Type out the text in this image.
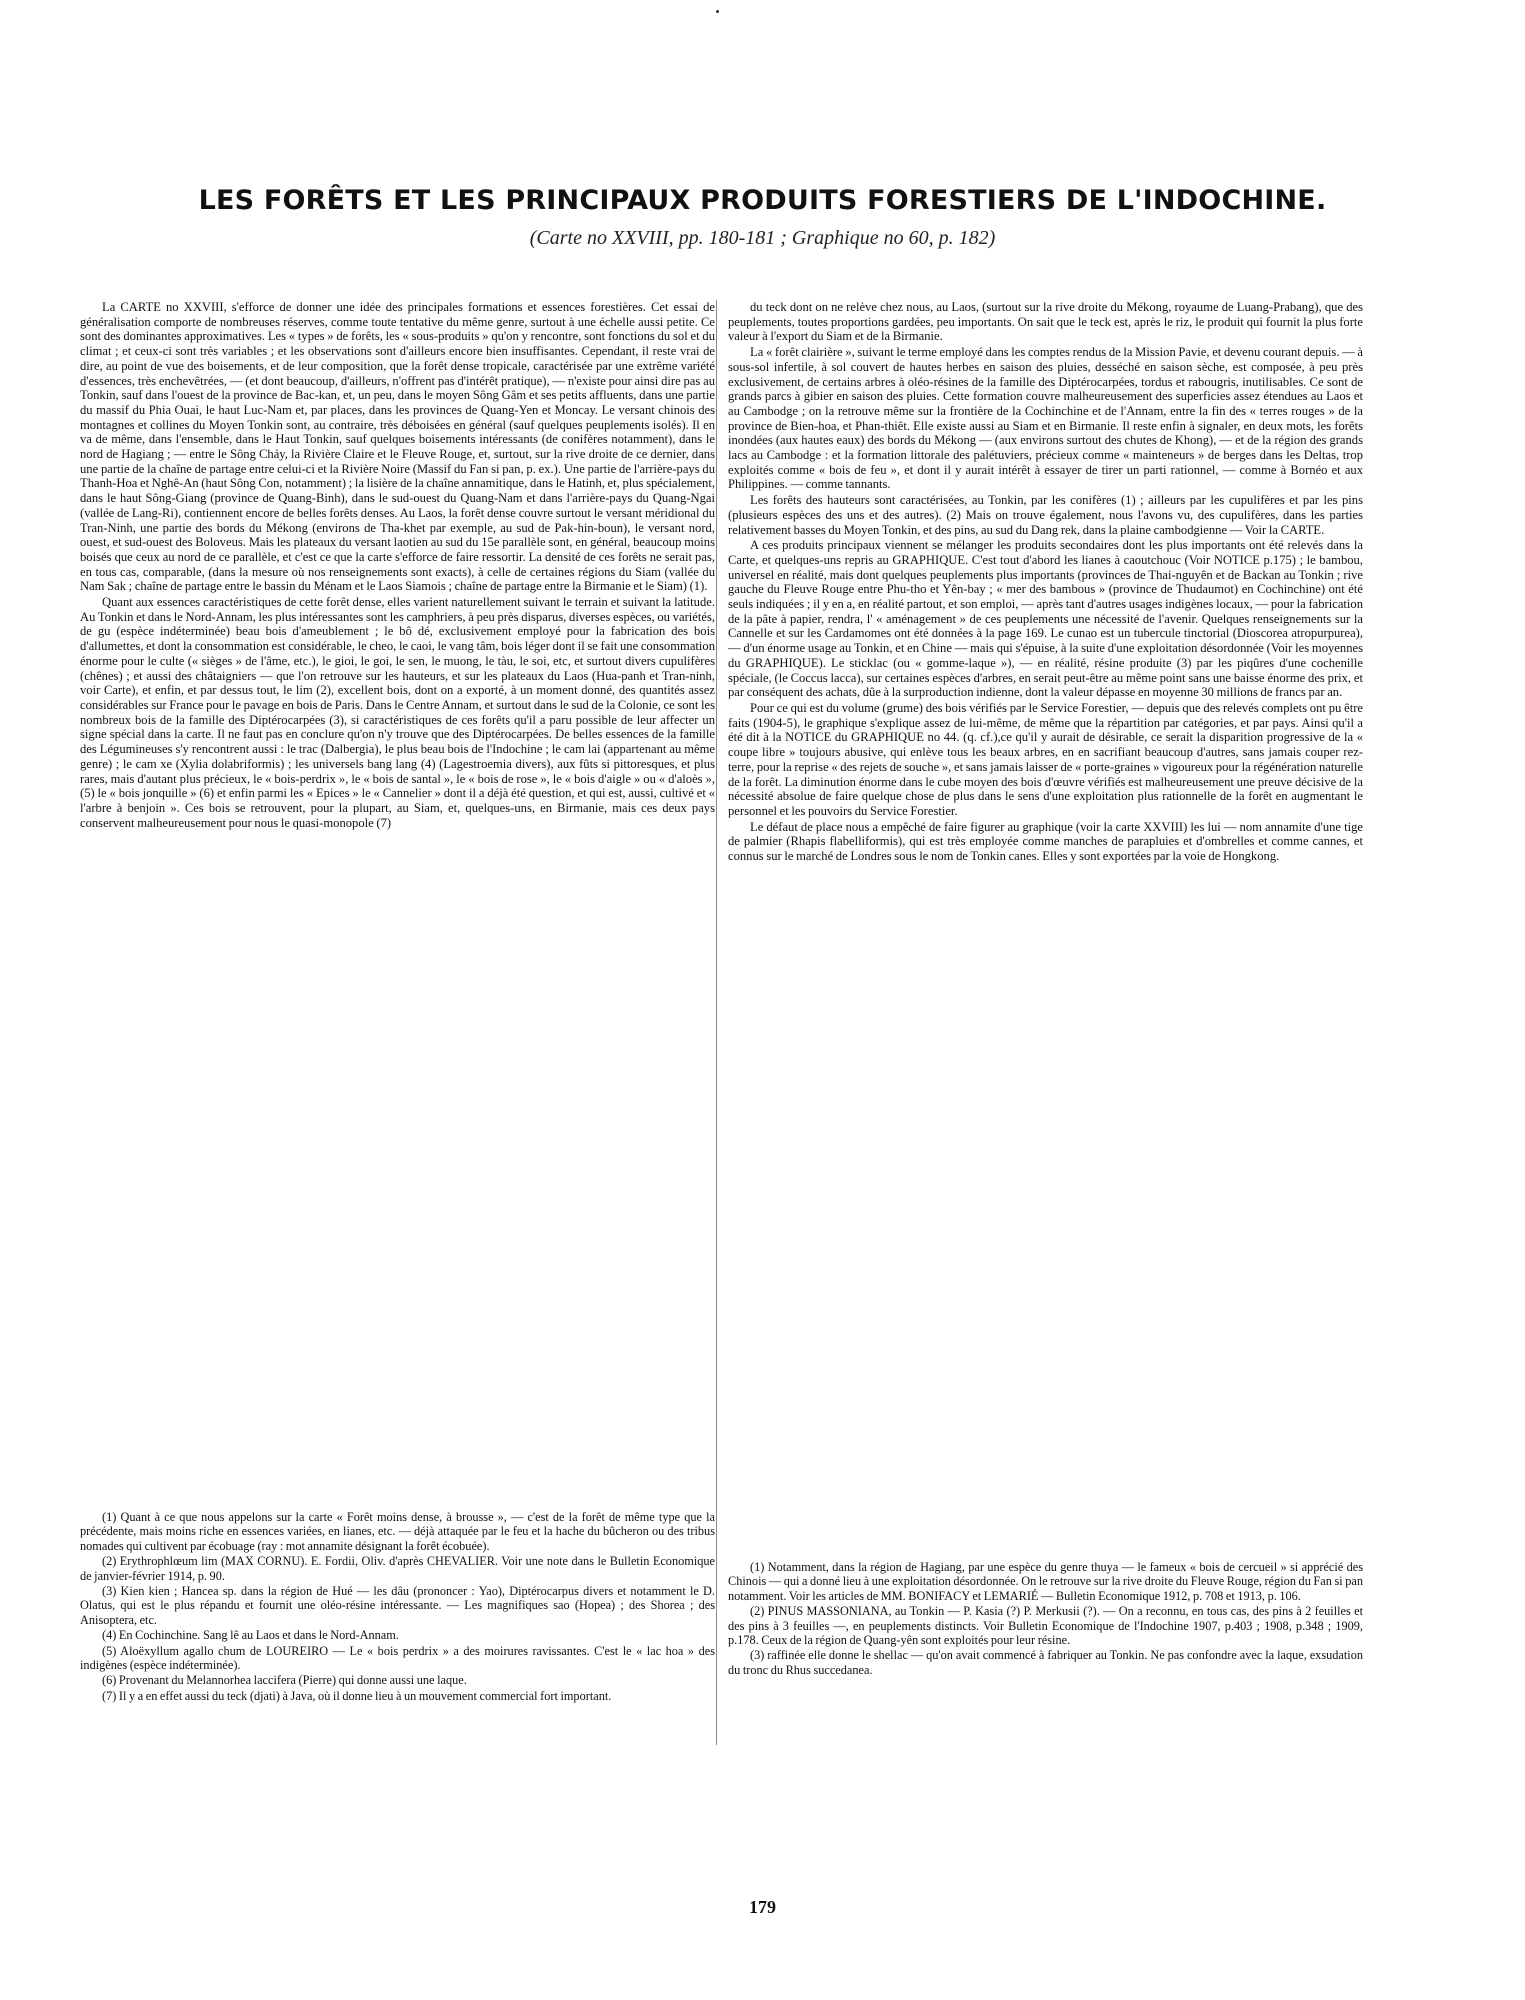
LES FORÊTS ET LES PRINCIPAUX PRODUITS FORESTIERS DE L'INDOCHINE.
(Carte no XXVIII, pp. 180-181 ; Graphique no 60, p. 182)

La CARTE no XXVIII, s'efforce de donner une idée des principales formations et essences forestières. Cet essai de généralisation comporte de nombreuses réserves, comme toute tentative du même genre, surtout à une échelle aussi petite. Ce sont des dominantes approximatives. Les « types » de forêts, les « sous-produits » qu'on y rencontre, sont fonctions du sol et du climat ; et ceux-ci sont très variables ; et les observations sont d'ailleurs encore bien insuffisantes. Cependant, il reste vrai de dire, au point de vue des boisements, et de leur composition, que la forêt dense tropicale, caractérisée par une extrême variété d'essences, très enchevêtrées, — (et dont beaucoup, d'ailleurs, n'offrent pas d'intérêt pratique), — n'existe pour ainsi dire pas au Tonkin, sauf dans l'ouest de la province de Bac-kan, et, un peu, dans le moyen Sông Gâm et ses petits affluents, dans une partie du massif du Phia Ouai, le haut Luc-Nam et, par places, dans les provinces de Quang-Yen et Moncay. Le versant chinois des montagnes et collines du Moyen Tonkin sont, au contraire, très déboisées en général (sauf quelques peuplements isolés). Il en va de même, dans l'ensemble, dans le Haut Tonkin, sauf quelques boisements intéressants (de conifères notamment), dans le nord de Hagiang ; — entre le Sông Chảy, la Rivière Claire et le Fleuve Rouge, et, surtout, sur la rive droite de ce dernier, dans une partie de la chaîne de partage entre celui-ci et la Rivière Noire (Massif du Fan si pan, p. ex.). Une partie de l'arrière-pays du Thanh-Hoa et Nghê-An (haut Sông Con, notamment) ; la lisière de la chaîne annamitique, dans le Hatinh, et, plus spécialement, dans le haut Sông-Giang (province de Quang-Binh), dans le sud-ouest du Quang-Nam et dans l'arrière-pays du Quang-Ngai (vallée de Lang-Ri), contiennent encore de belles forêts denses. Au Laos, la forêt dense couvre surtout le versant méridional du Tran-Ninh, une partie des bords du Mékong (environs de Tha-khet par exemple, au sud de Pak-hin-boun), le versant nord, ouest, et sud-ouest des Boloveus. Mais les plateaux du versant laotien au sud du 15e parallèle sont, en général, beaucoup moins boisés que ceux au nord de ce parallèle, et c'est ce que la carte s'efforce de faire ressortir. La densité de ces forêts ne serait pas, en tous cas, comparable, (dans la mesure où nos renseignements sont exacts), à celle de certaines régions du Siam (vallée du Nam Sak ; chaîne de partage entre le bassin du Ménam et le Laos Siamois ; chaîne de partage entre la Birmanie et le Siam) (1).

Quant aux essences caractéristiques de cette forêt dense, elles varient naturellement suivant le terrain et suivant la latitude. Au Tonkin et dans le Nord-Annam, les plus intéressantes sont les camphriers, à peu près disparus, diverses espèces, ou variétés, de gu (espèce indéterminée) beau bois d'ameublement ; le bô dé, exclusivement employé pour la fabrication des bois d'allumettes, et dont la consommation est considérable, le cheo, le caoi, le vang tâm, bois léger dont il se fait une consommation énorme pour le culte (« sièges » de l'âme, etc.), le gioi, le goi, le sen, le muong, le tàu, le soi, etc, et surtout divers cupulifères (chênes) ; et aussi des châtaigniers — que l'on retrouve sur les hauteurs, et sur les plateaux du Laos (Hua-panh et Tran-ninh, voir Carte), et enfin, et par dessus tout, le lim (2), excellent bois, dont on a exporté, à un moment donné, des quantités assez considérables sur France pour le pavage en bois de Paris. Dans le Centre Annam, et surtout dans le sud de la Colonie, ce sont les nombreux bois de la famille des Diptérocarpées (3), si caractéristiques de ces forêts qu'il a paru possible de leur affecter un signe spécial dans la carte. Il ne faut pas en conclure qu'on n'y trouve que des Diptérocarpées. De belles essences de la famille des Légumineuses s'y rencontrent aussi : le trac (Dalbergia), le plus beau bois de l'Indochine ; le cam lai (appartenant au même genre) ; le cam xe (Xylia dolabriformis) ; les universels bang lang (4) (Lagestroemia divers), aux fûts si pittoresques, et plus rares, mais d'autant plus précieux, le « bois-perdrix », le « bois de santal », le « bois de rose », le « bois d'aigle » ou « d'aloès », (5) le « bois jonquille » (6) et enfin parmi les « Epices » le « Cannelier » dont il a déjà été question, et qui est, aussi, cultivé et « l'arbre à benjoin ». Ces bois se retrouvent, pour la plupart, au Siam, et, quelques-uns, en Birmanie, mais ces deux pays conservent malheureusement pour nous le quasi-monopole (7)

du teck dont on ne relève chez nous, au Laos, (surtout sur la rive droite du Mékong, royaume de Luang-Prabang), que des peuplements, toutes proportions gardées, peu importants. On sait que le teck est, après le riz, le produit qui fournit la plus forte valeur à l'export du Siam et de la Birmanie.

La « forêt clairière », suivant le terme employé dans les comptes rendus de la Mission Pavie, et devenu courant depuis. — à sous-sol infertile, à sol couvert de hautes herbes en saison des pluies, desséché en saison sèche, est composée, à peu près exclusivement, de certains arbres à oléo-résines de la famille des Diptérocarpées, tordus et rabougris, inutilisables. Ce sont de grands parcs à gibier en saison des pluies. Cette formation couvre malheureusement des superficies assez étendues au Laos et au Cambodge ; on la retrouve même sur la frontière de la Cochinchine et de l'Annam, entre la fin des « terres rouges » de la province de Bien-hoa, et Phan-thiêt. Elle existe aussi au Siam et en Birmanie. Il reste enfin à signaler, en deux mots, les forêts inondées (aux hautes eaux) des bords du Mékong — (aux environs surtout des chutes de Khong), — et de la région des grands lacs au Cambodge : et la formation littorale des palétuviers, précieux comme « mainteneurs » de berges dans les Deltas, trop exploités comme « bois de feu », et dont il y aurait intérêt à essayer de tirer un parti rationnel, — comme à Bornéo et aux Philippines. — comme tannants.

Les forêts des hauteurs sont caractérisées, au Tonkin, par les conifères (1) ; ailleurs par les cupulifères et par les pins (plusieurs espèces des uns et des autres). (2) Mais on trouve également, nous l'avons vu, des cupulifères, dans les parties relativement basses du Moyen Tonkin, et des pins, au sud du Dang rek, dans la plaine cambodgienne — Voir la CARTE.

A ces produits principaux viennent se mélanger les produits secondaires dont les plus importants ont été relevés dans la Carte, et quelques-uns repris au GRAPHIQUE. C'est tout d'abord les lianes à caoutchouc (Voir NOTICE p.175) ; le bambou, universel en réalité, mais dont quelques peuplements plus importants (provinces de Thai-nguyên et de Backan au Tonkin ; rive gauche du Fleuve Rouge entre Phu-tho et Yên-bay ; « mer des bambous » (province de Thudaumot) en Cochinchine) ont été seuls indiquées ; il y en a, en réalité partout, et son emploi, — après tant d'autres usages indigènes locaux, — pour la fabrication de la pâte à papier, rendra, l' « aménagement » de ces peuplements une nécessité de l'avenir. Quelques renseignements sur la Cannelle et sur les Cardamomes ont été données à la page 169. Le cunao est un tubercule tinctorial (Dioscorea atropurpurea), — d'un énorme usage au Tonkin, et en Chine — mais qui s'épuise, à la suite d'une exploitation désordonnée (Voir les moyennes du GRAPHIQUE). Le sticklac (ou « gomme-laque »), — en réalité, résine produite (3) par les piqûres d'une cochenille spéciale, (le Coccus lacca), sur certaines espèces d'arbres, en serait peut-être au même point sans une baisse énorme des prix, et par conséquent des achats, dûe à la surproduction indienne, dont la valeur dépasse en moyenne 30 millions de francs par an.

Pour ce qui est du volume (grume) des bois vérifiés par le Service Forestier, — depuis que des relevés complets ont pu être faits (1904-5), le graphique s'explique assez de lui-même, de même que la répartition par catégories, et par pays. Ainsi qu'il a été dit à la NOTICE du GRAPHIQUE no 44. (q. cf.),ce qu'il y aurait de désirable, ce serait la disparition progressive de la « coupe libre » toujours abusive, qui enlève tous les beaux arbres, en en sacrifiant beaucoup d'autres, sans jamais couper rez-terre, pour la reprise « des rejets de souche », et sans jamais laisser de « porte-graines » vigoureux pour la régénération naturelle de la forêt. La diminution énorme dans le cube moyen des bois d'œuvre vérifiés est malheureusement une preuve décisive de la nécessité absolue de faire quelque chose de plus dans le sens d'une exploitation plus rationnelle de la forêt en augmentant le personnel et les pouvoirs du Service Forestier.

Le défaut de place nous a empêché de faire figurer au graphique (voir la carte XXVIII) les lui — nom annamite d'une tige de palmier (Rhapis flabelliformis), qui est très employée comme manches de parapluies et d'ombrelles et comme cannes, et connus sur le marché de Londres sous le nom de Tonkin canes. Elles y sont exportées par la voie de Hongkong.

(1) Quant à ce que nous appelons sur la carte « Forêt moins dense, à brousse », — c'est de la forêt de même type que la précédente, mais moins riche en essences variées, en lianes, etc. — déjà attaquée par le feu et la hache du bûcheron ou des tribus nomades qui cultivent par écobuage (ray : mot annamite désignant la forêt écobuée).

(2) Erythrophlœum lim (MAX CORNU). E. Fordii, Oliv. d'après CHEVALIER. Voir une note dans le Bulletin Economique de janvier-février 1914, p. 90.

(3) Kien kien ; Hancea sp. dans la région de Hué — les dâu (prononcer : Yao), Diptérocarpus divers et notamment le D. Olatus, qui est le plus répandu et fournit une oléo-résine intéressante. — Les magnifiques sao (Hopea) ; des Shorea ; des Anisoptera, etc.

(4) En Cochinchine. Sang lê au Laos et dans le Nord-Annam.

(5) Aloëxyllum agallo chum de LOUREIRO — Le « bois perdrix » a des moirures ravissantes. C'est le « lac hoa » des indigènes (espèce indéterminée).

(6) Provenant du Melannorhea laccifera (Pierre) qui donne aussi une laque.

(7) Il y a en effet aussi du teck (djati) à Java, où il donne lieu à un mouvement commercial fort important.

(1) Notamment, dans la région de Hagiang, par une espèce du genre thuya — le fameux « bois de cercueil » si apprécié des Chinois — qui a donné lieu à une exploitation désordonnée. On le retrouve sur la rive droite du Fleuve Rouge, région du Fan si pan notamment. Voir les articles de MM. BONIFACY et LEMARIÉ — Bulletin Economique 1912, p. 708 et 1913, p. 106.

(2) PINUS MASSONIANA, au Tonkin — P. Kasia (?) P. Merkusii (?). — On a reconnu, en tous cas, des pins à 2 feuilles et des pins à 3 feuilles —, en peuplements distincts. Voir Bulletin Economique de l'Indochine 1907, p.403 ; 1908, p.348 ; 1909, p.178. Ceux de la région de Quang-yên sont exploités pour leur résine.

(3) raffinée elle donne le shellac — qu'on avait commencé à fabriquer au Tonkin. Ne pas confondre avec la laque, exsudation du tronc du Rhus succedanea.

179
